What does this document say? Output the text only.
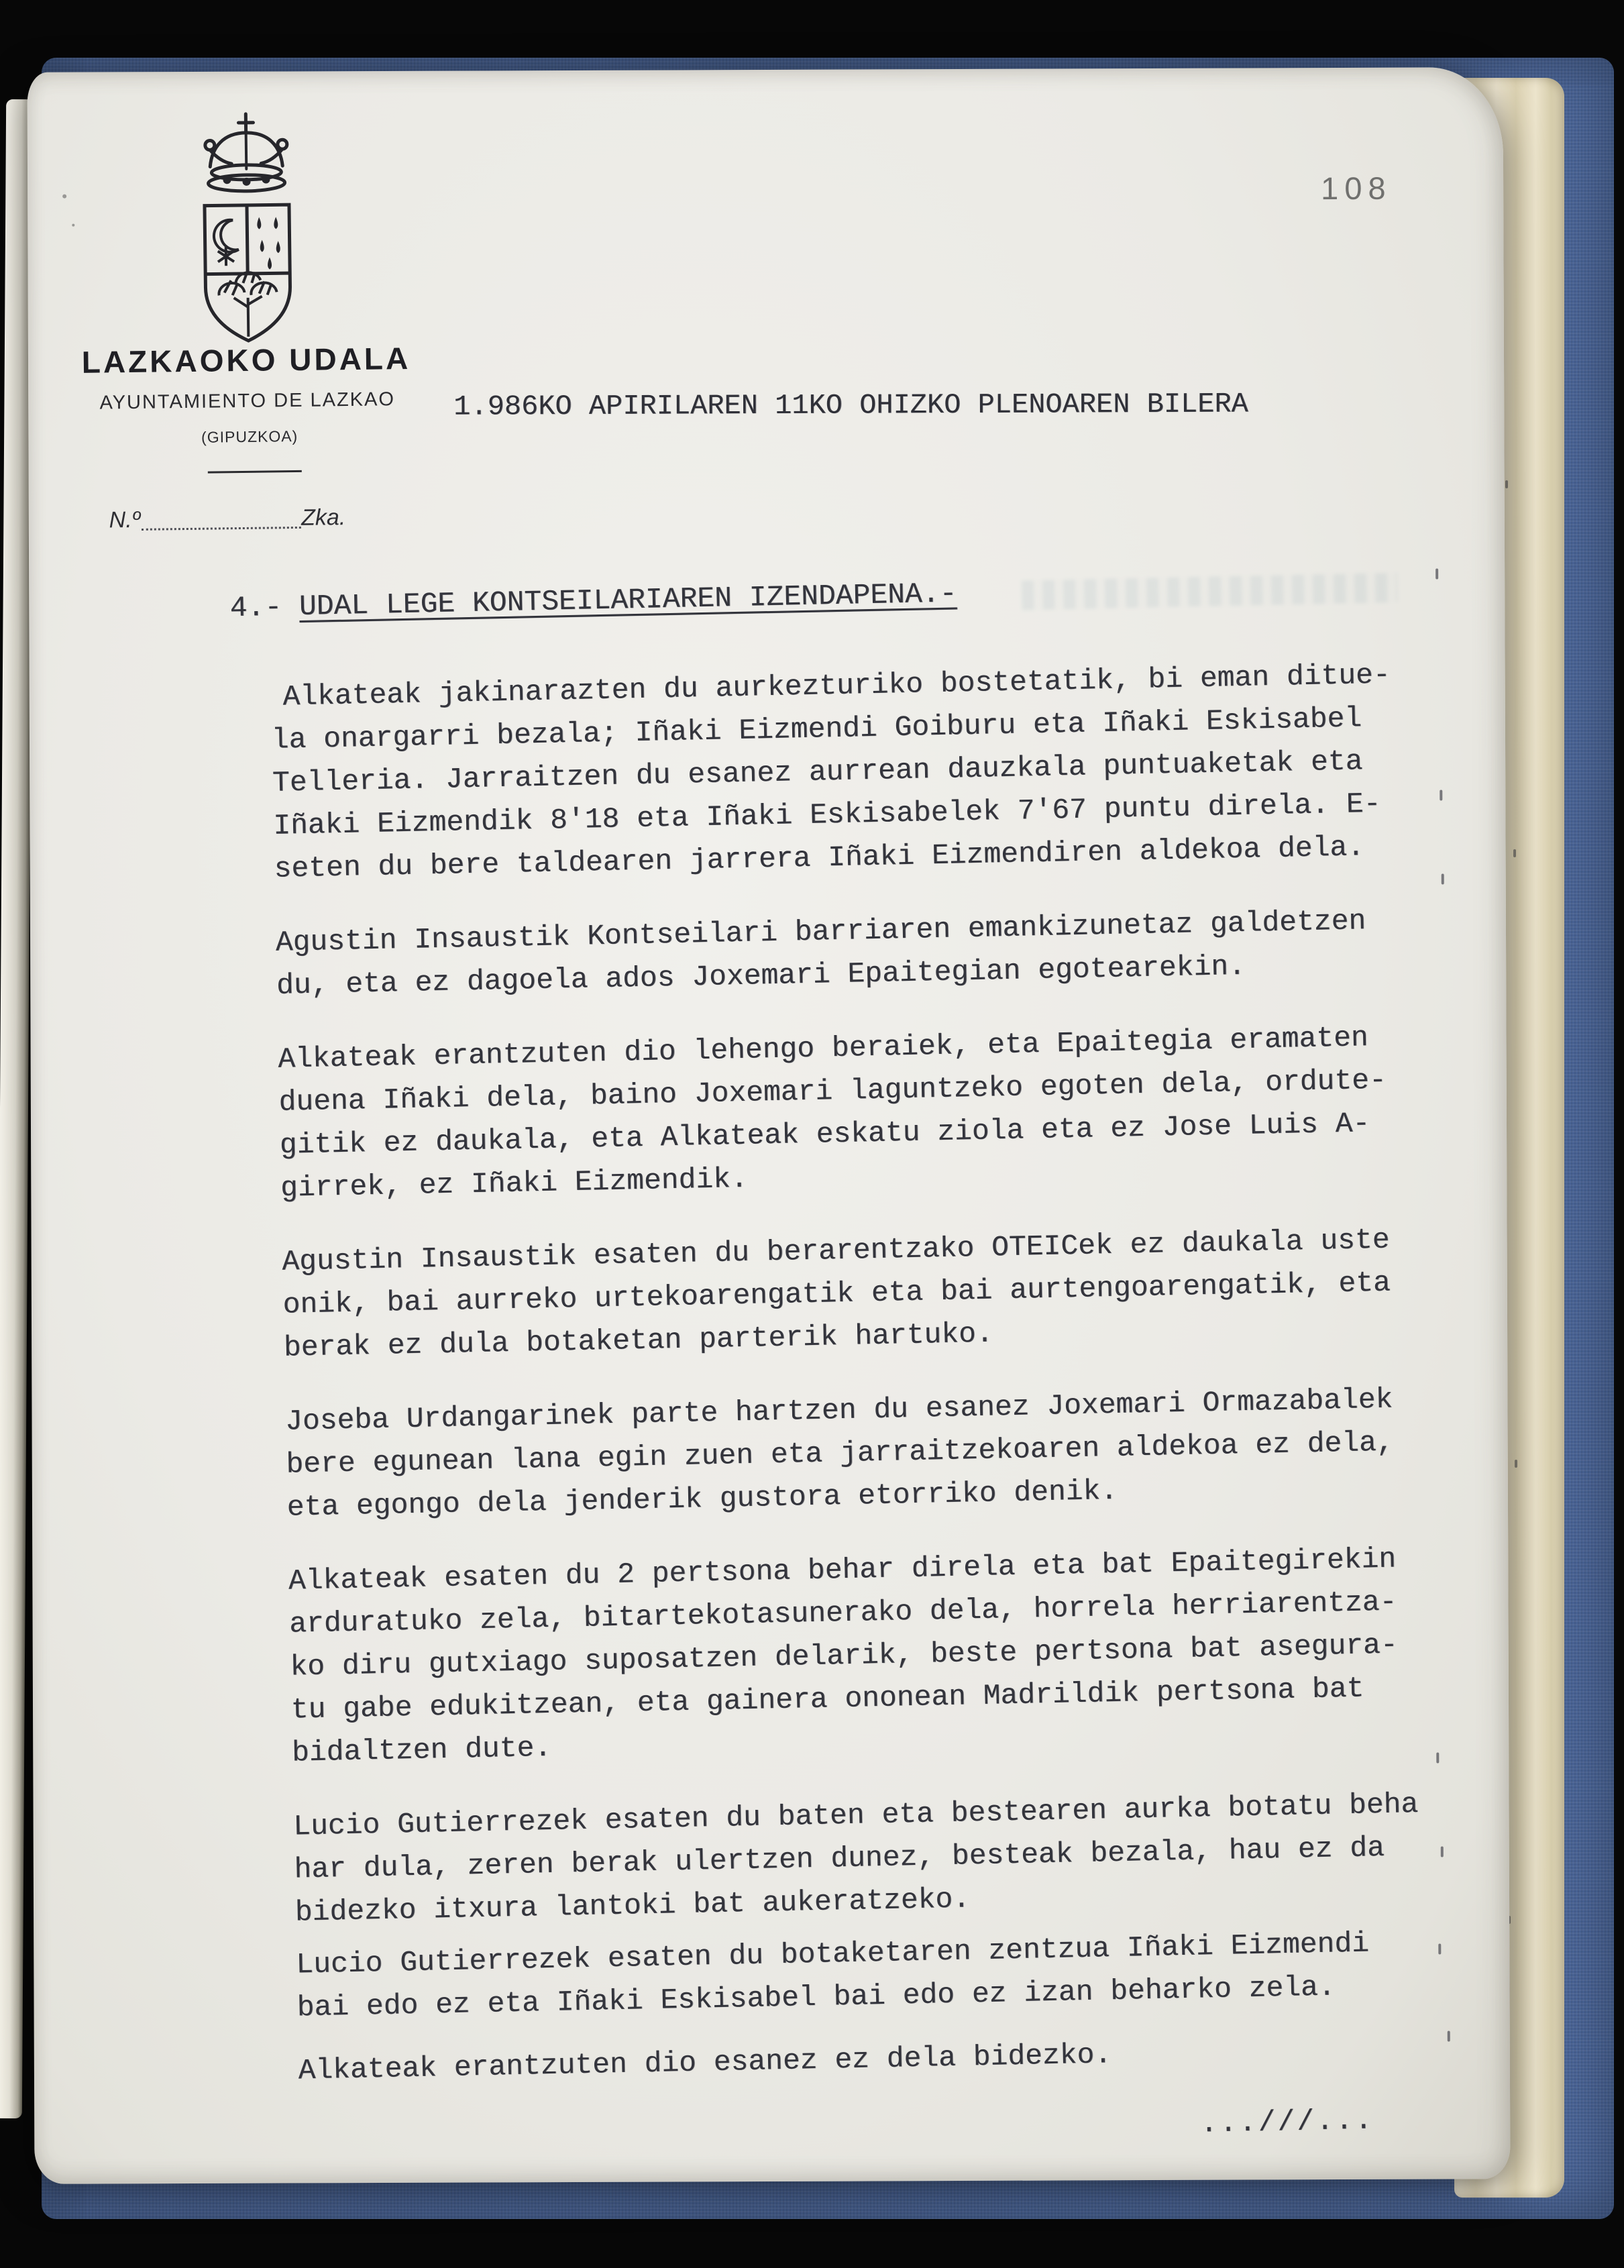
108
LAZKAOKO UDALA
AYUNTAMIENTO DE LAZKAO
(GIPUZKOA)
N.º	Zka.
1.986KO APIRILAREN 11KO OHIZKO PLENOAREN BILERA
4.- UDAL LEGE KONTSEILARIAREN IZENDAPENA.-
Alkateak jakinarazten du aurkezturiko bostetatik, bi eman ditue-
la onargarri bezala; Iñaki Eizmendi Goiburu eta Iñaki Eskisabel
Telleria. Jarraitzen du esanez aurrean dauzkala puntuaketak eta
Iñaki Eizmendik 8'18 eta Iñaki Eskisabelek 7'67 puntu direla. E-
seten du bere taldearen jarrera Iñaki Eizmendiren aldekoa dela.
Agustin Insaustik Kontseilari barriaren emankizunetaz galdetzen
du, eta ez dagoela ados Joxemari Epaitegian egotearekin.
Alkateak erantzuten dio lehengo beraiek, eta Epaitegia eramaten
duena Iñaki dela, baino Joxemari laguntzeko egoten dela, ordute-
gitik ez daukala, eta Alkateak eskatu ziola eta ez Jose Luis A-
girrek, ez Iñaki Eizmendik.
Agustin Insaustik esaten du berarentzako OTEICek ez daukala uste
onik, bai aurreko urtekoarengatik eta bai aurtengoarengatik, eta
berak ez dula botaketan parterik hartuko.
Joseba Urdangarinek parte hartzen du esanez Joxemari Ormazabalek
bere egunean lana egin zuen eta jarraitzekoaren aldekoa ez dela,
eta egongo dela jenderik gustora etorriko denik.
Alkateak esaten du 2 pertsona behar direla eta bat Epaitegirekin
arduratuko zela, bitartekotasunerako dela, horrela herriarentza-
ko diru gutxiago suposatzen delarik, beste pertsona bat asegura-
tu gabe edukitzean, eta gainera ononean Madrildik pertsona bat
bidaltzen dute.
Lucio Gutierrezek esaten du baten eta bestearen aurka botatu beha
har dula, zeren berak ulertzen dunez, besteak bezala, hau ez da
bidezko itxura lantoki bat aukeratzeko.
Lucio Gutierrezek esaten du botaketaren zentzua Iñaki Eizmendi
bai edo ez eta Iñaki Eskisabel bai edo ez izan beharko zela.
Alkateak erantzuten dio esanez ez dela bidezko.
...///...
